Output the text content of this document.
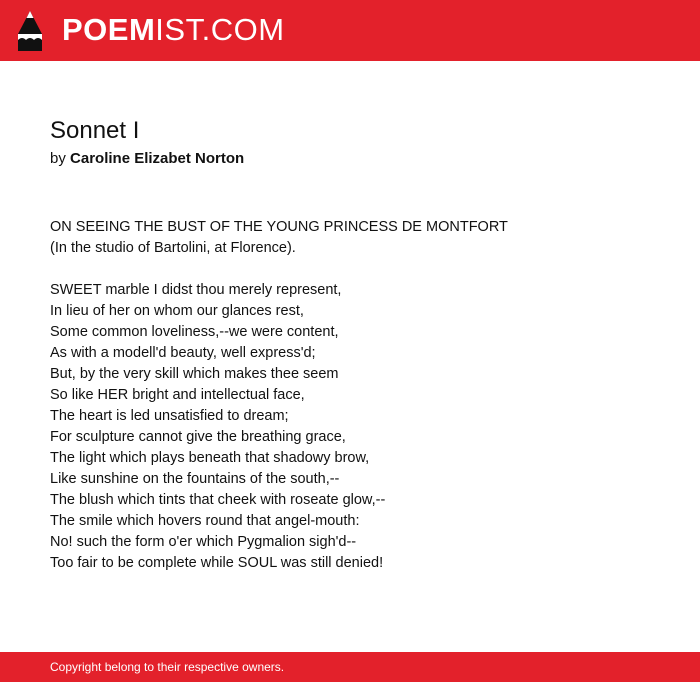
POEMIST.COM
Sonnet I
by Caroline Elizabet Norton
ON SEEING THE BUST OF THE YOUNG PRINCESS DE MONTFORT
(In the studio of Bartolini, at Florence).
SWEET marble I didst thou merely represent,
In lieu of her on whom our glances rest,
Some common loveliness,--we were content,
As with a modell'd beauty, well express'd;
But, by the very skill which makes thee seem
So like HER bright and intellectual face,
The heart is led unsatisfied to dream;
For sculpture cannot give the breathing grace,
The light which plays beneath that shadowy brow,
Like sunshine on the fountains of the south,--
The blush which tints that cheek with roseate glow,--
The smile which hovers round that angel-mouth:
No! such the form o'er which Pygmalion sigh'd--
Too fair to be complete while SOUL was still denied!
Copyright belong to their respective owners.
